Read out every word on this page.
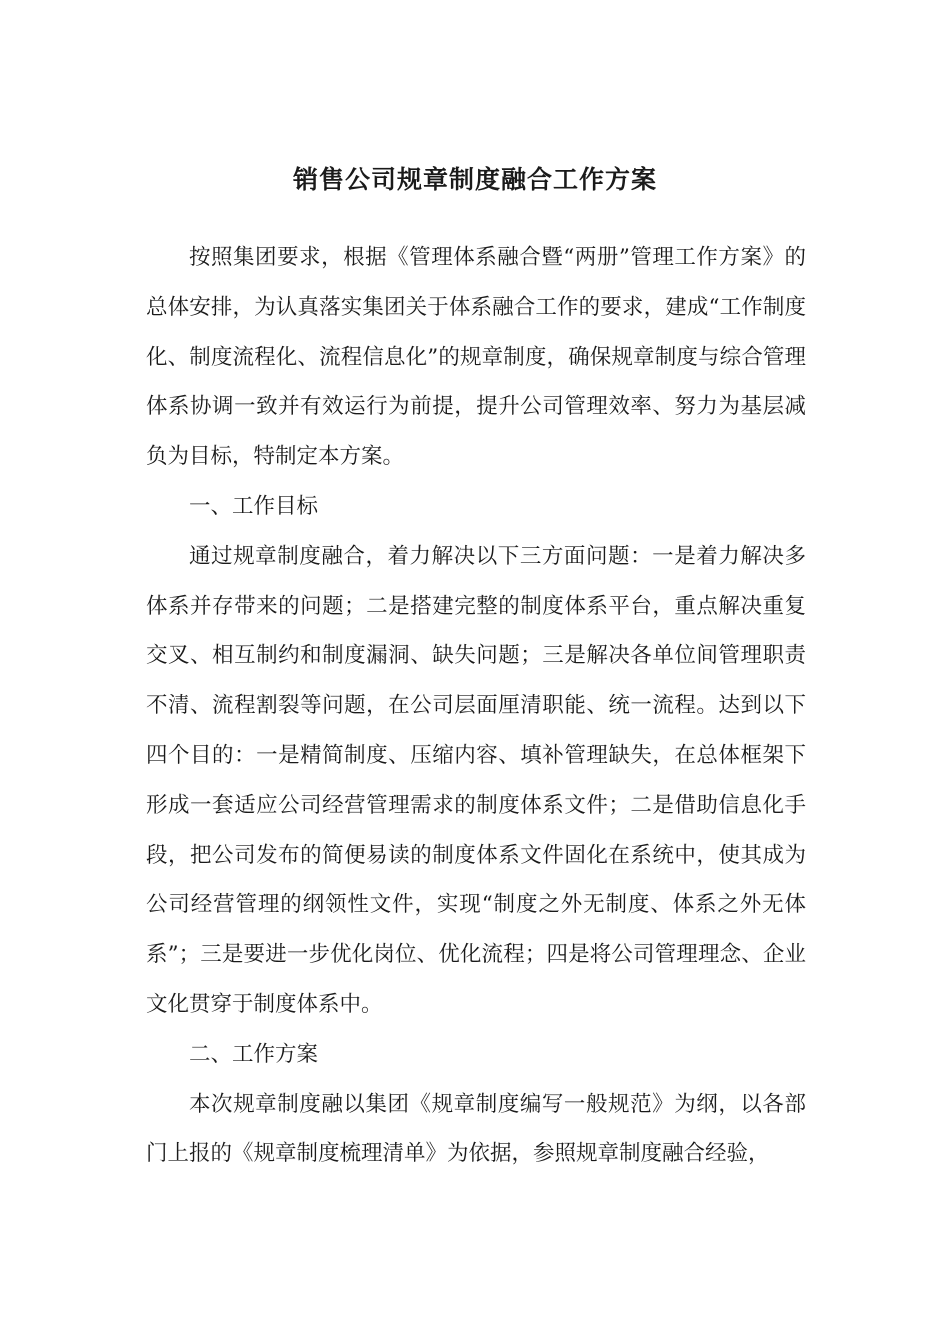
销售公司规章制度融合工作方案

按照集团要求，根据《管理体系融合暨“两册”管理工作方案》的总体安排，为认真落实集团关于体系融合工作的要求，建成“工作制度化、制度流程化、流程信息化”的规章制度，确保规章制度与综合管理体系协调一致并有效运行为前提，提升公司管理效率、努力为基层减负为目标，特制定本方案。

一、工作目标

通过规章制度融合，着力解决以下三方面问题：一是着力解决多体系并存带来的问题；二是搭建完整的制度体系平台，重点解决重复交叉、相互制约和制度漏洞、缺失问题；三是解决各单位间管理职责不清、流程割裂等问题，在公司层面厘清职能、统一流程。达到以下四个目的：一是精简制度、压缩内容、填补管理缺失，在总体框架下形成一套适应公司经营管理需求的制度体系文件；二是借助信息化手段，把公司发布的简便易读的制度体系文件固化在系统中，使其成为公司经营管理的纲领性文件，实现“制度之外无制度、体系之外无体系”；三是要进一步优化岗位、优化流程；四是将公司管理理念、企业文化贯穿于制度体系中。

二、工作方案

本次规章制度融以集团《规章制度编写一般规范》为纲，以各部门上报的《规章制度梳理清单》为依据，参照规章制度融合经验，
